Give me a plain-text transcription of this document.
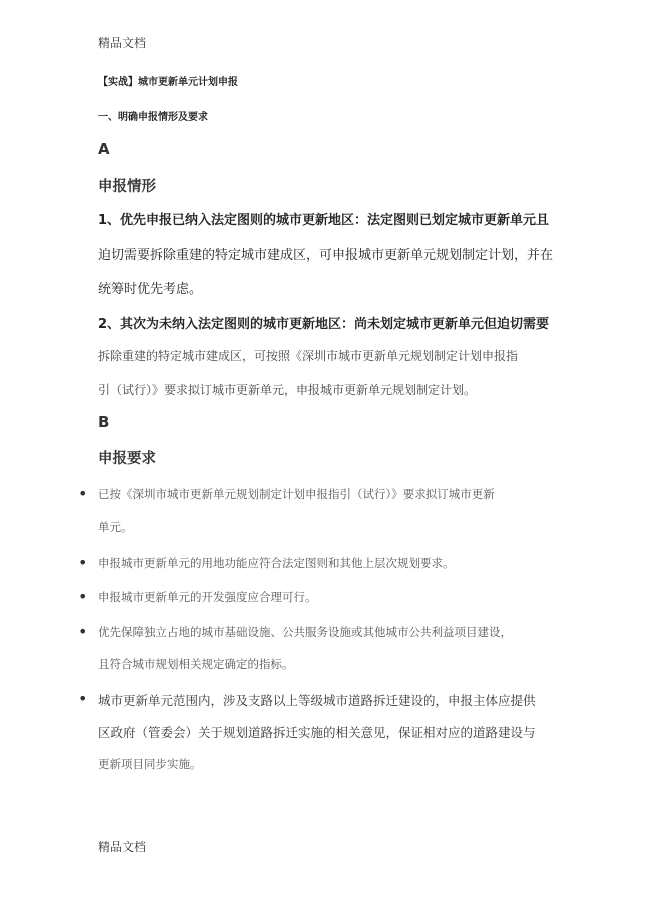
精品文档
【实战】城市更新单元计划申报
一、明确申报情形及要求
A
申报情形
1、优先申报已纳入法定图则的城市更新地区：法定图则已划定城市更新单元且
迫切需要拆除重建的特定城市建成区，可申报城市更新单元规划制定计划，并在
统筹时优先考虑。
2、其次为未纳入法定图则的城市更新地区：尚未划定城市更新单元但迫切需要
拆除重建的特定城市建成区，可按照《深圳市城市更新单元规划制定计划申报指
引（试行）》要求拟订城市更新单元，申报城市更新单元规划制定计划。
B
申报要求
• 已按《深圳市城市更新单元规划制定计划申报指引（试行）》要求拟订城市更新
单元。
• 申报城市更新单元的用地功能应符合法定图则和其他上层次规划要求。
• 申报城市更新单元的开发强度应合理可行。
• 优先保障独立占地的城市基础设施、公共服务设施或其他城市公共利益项目建设，
且符合城市规划相关规定确定的指标。
• 城市更新单元范围内，涉及支路以上等级城市道路拆迁建设的，申报主体应提供
区政府（管委会）关于规划道路拆迁实施的相关意见，保证相对应的道路建设与
更新项目同步实施。
精品文档
